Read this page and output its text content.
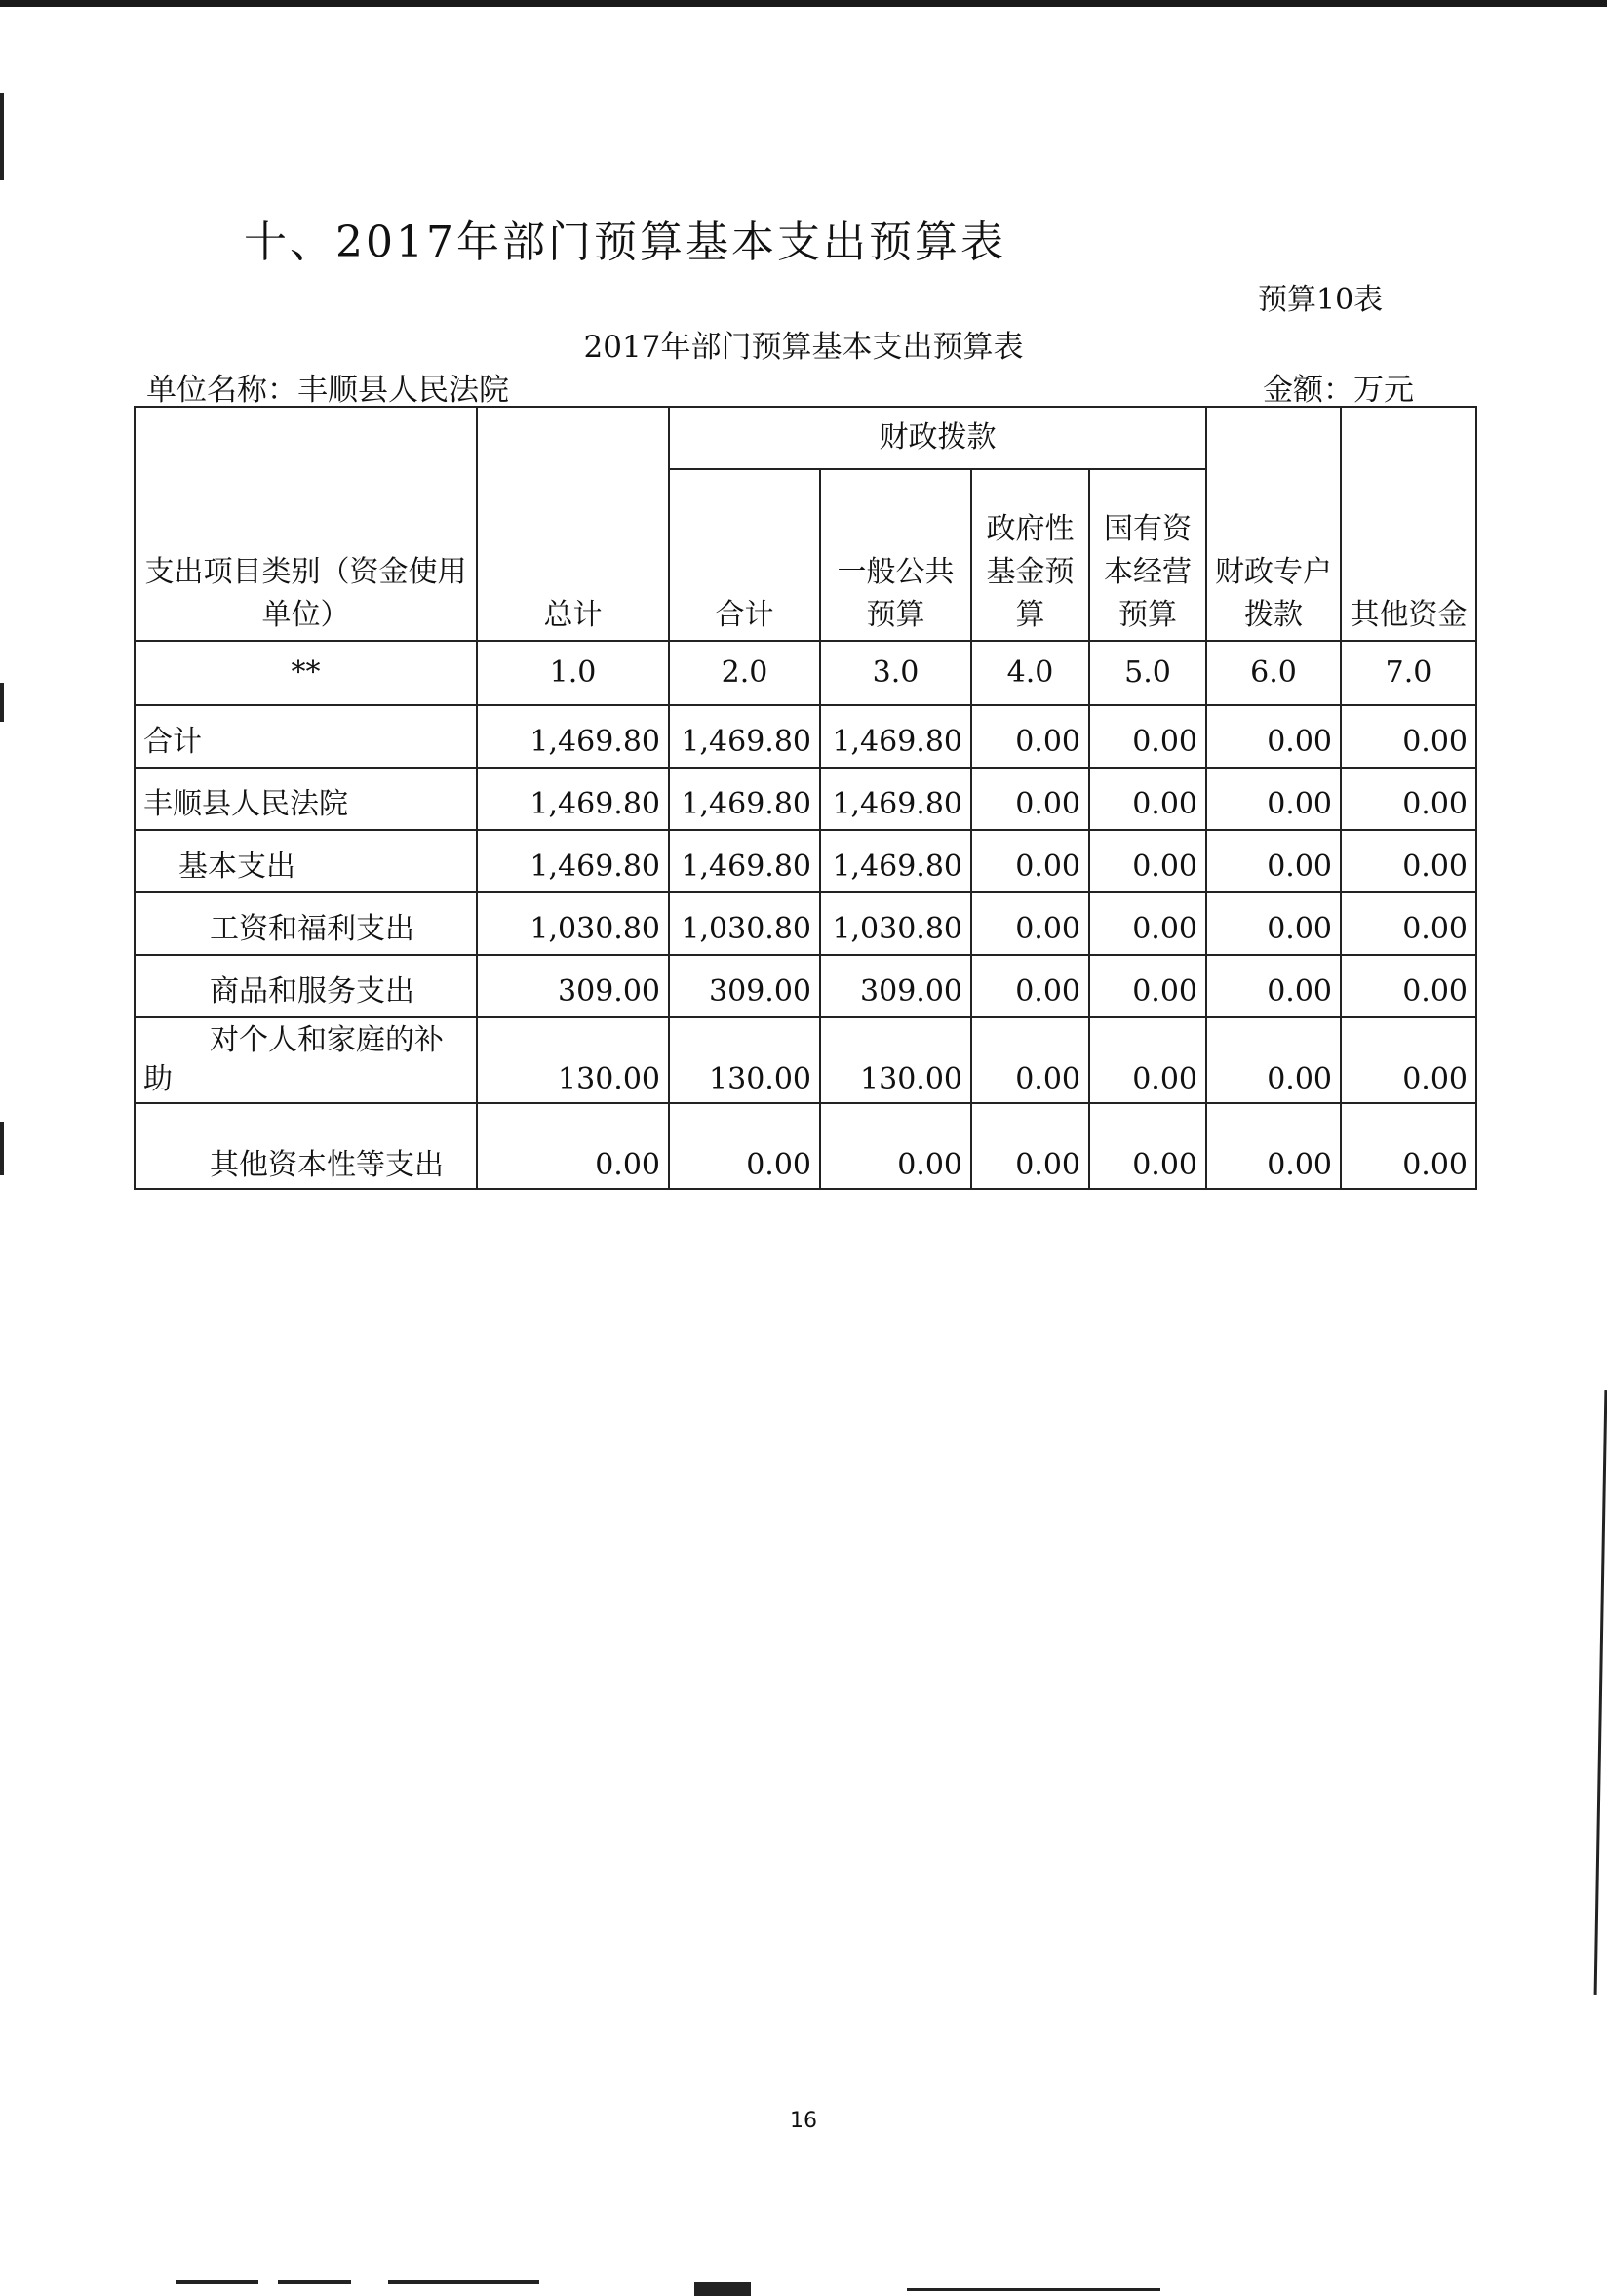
十、2017年部门预算基本支出预算表
预算10表
2017年部门预算基本支出预算表
单位名称：丰顺县人民法院	金额：万元
支出项目类别（资金使用单位）	总计	财政拨款				财政专户拨款	其他资金
		合计	一般公共预算	政府性基金预算	国有资本经营预算		
**	1.0	2.0	3.0	4.0	5.0	6.0	7.0
合计	1,469.80	1,469.80	1,469.80	0.00	0.00	0.00	0.00
丰顺县人民法院	1,469.80	1,469.80	1,469.80	0.00	0.00	0.00	0.00
基本支出	1,469.80	1,469.80	1,469.80	0.00	0.00	0.00	0.00
工资和福利支出	1,030.80	1,030.80	1,030.80	0.00	0.00	0.00	0.00
商品和服务支出	309.00	309.00	309.00	0.00	0.00	0.00	0.00

对个人和家庭的补助	130.00	130.00	130.00	0.00	0.00	0.00	0.00

其他资本性等支出	0.00	0.00	0.00	0.00	0.00	0.00	0.00
16
